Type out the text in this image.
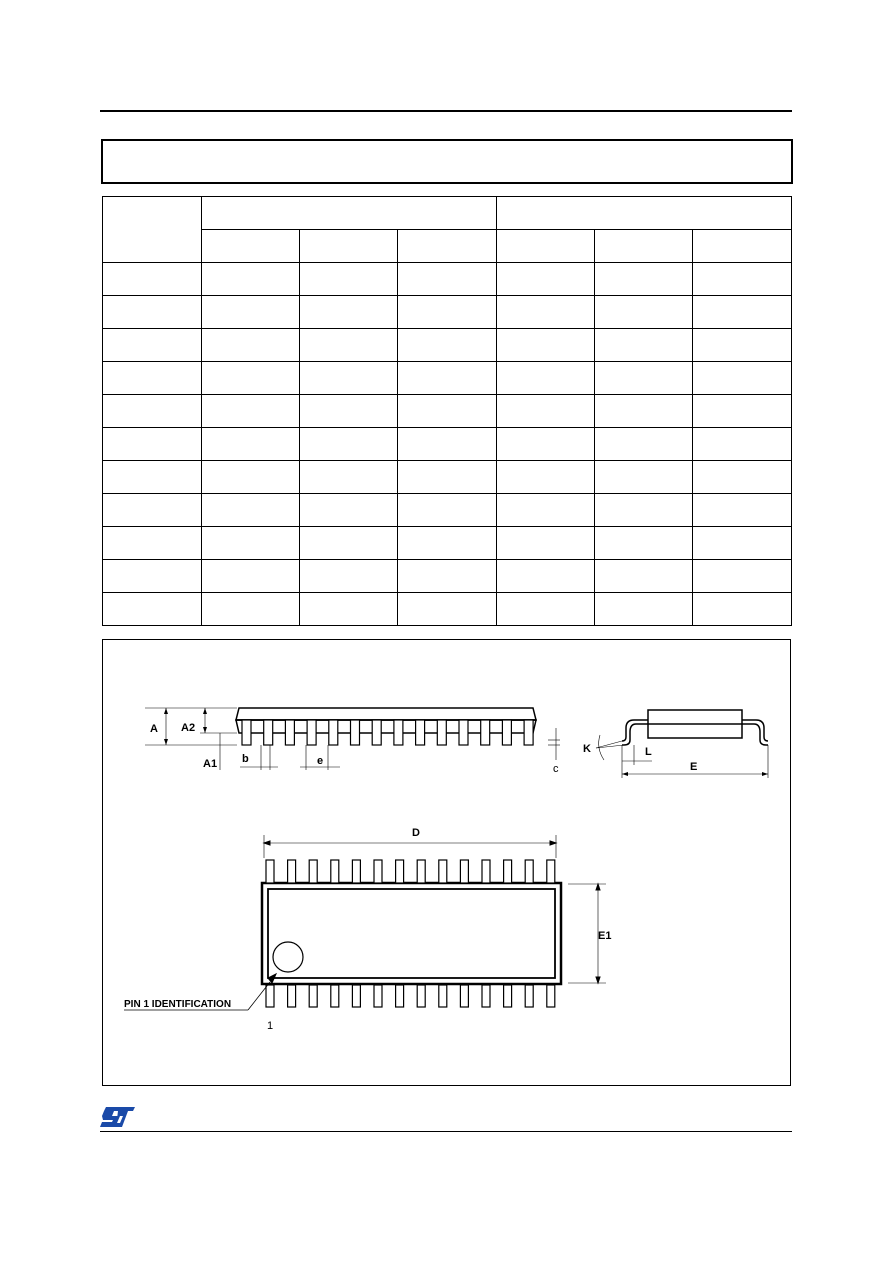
A A2
A1 b	e
c
K	L
E
D
E1
PIN 1 IDENTIFICATION
1
